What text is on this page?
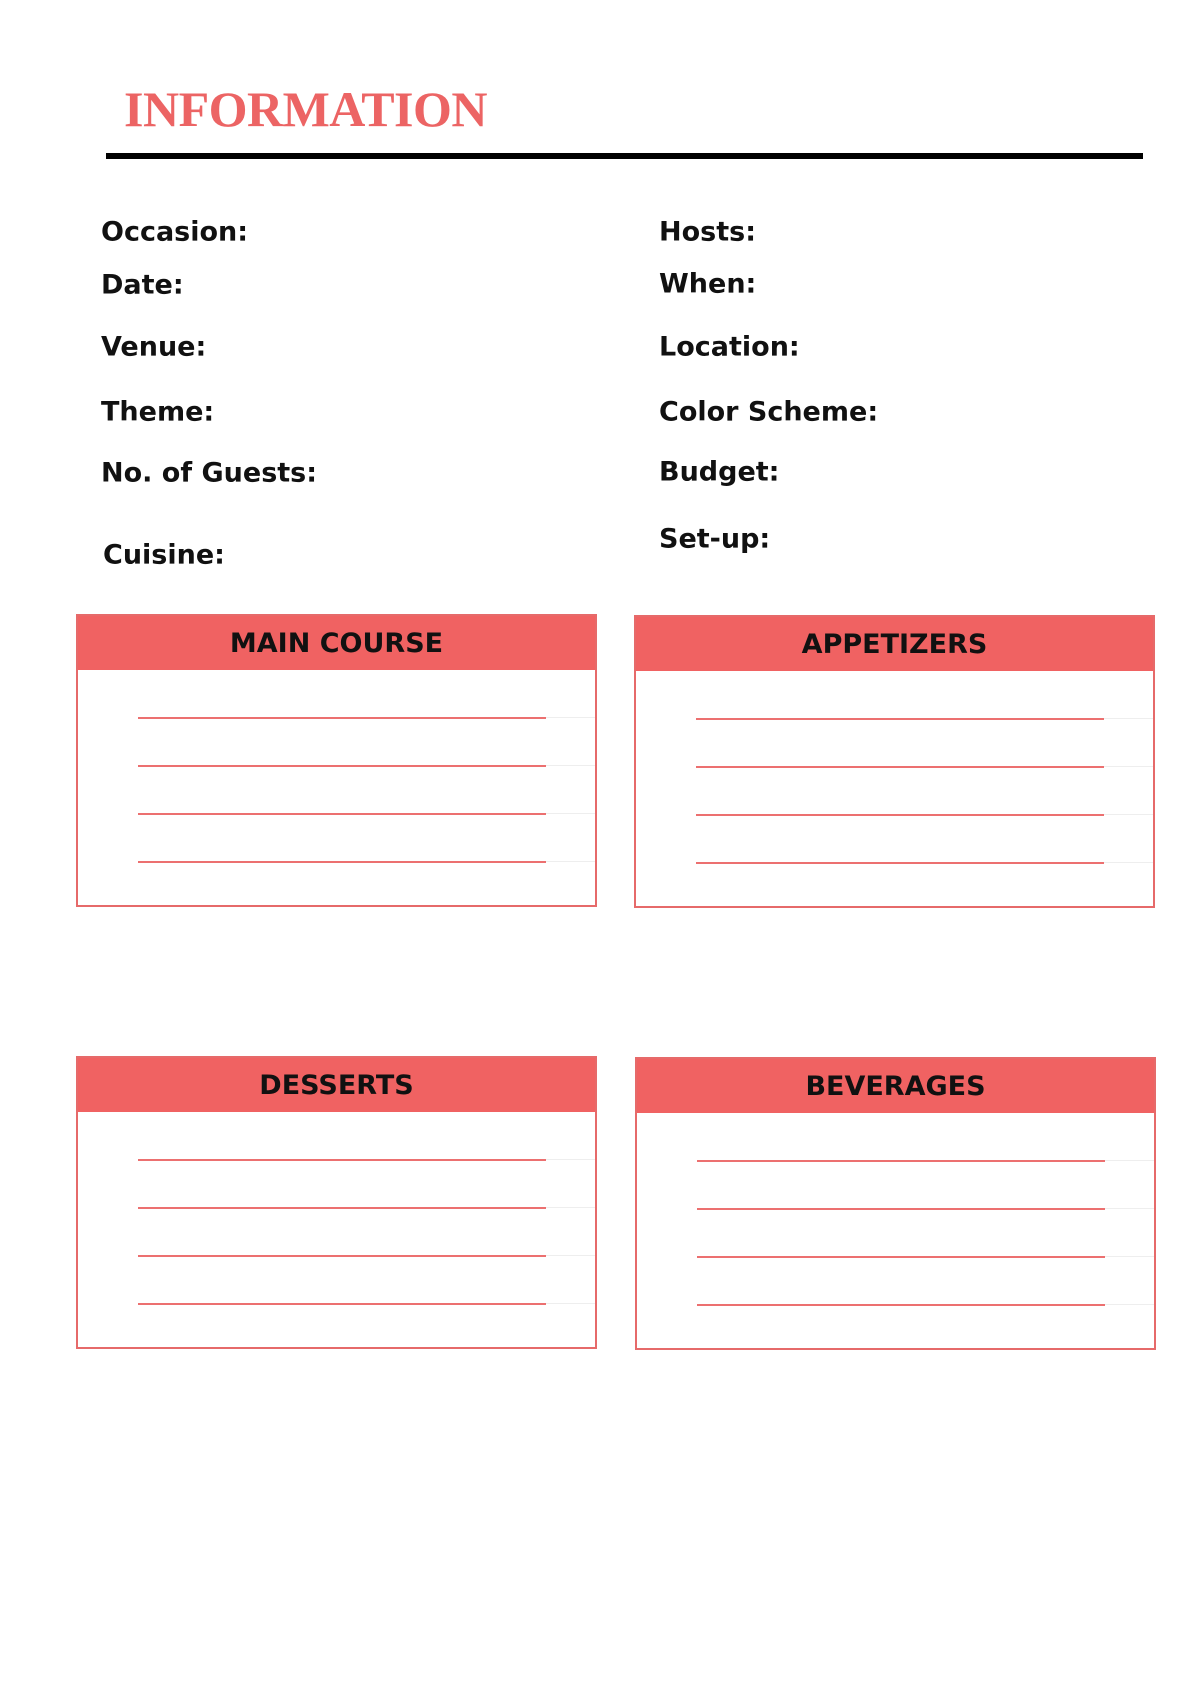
INFORMATION
Occasion:
Date:
Venue:
Theme:
No. of Guests:
Cuisine:
Hosts:
When:
Location:
Color Scheme:
Budget:
Set-up:
MAIN COURSE	APPETIZERS
DESSERTS	BEVERAGES
